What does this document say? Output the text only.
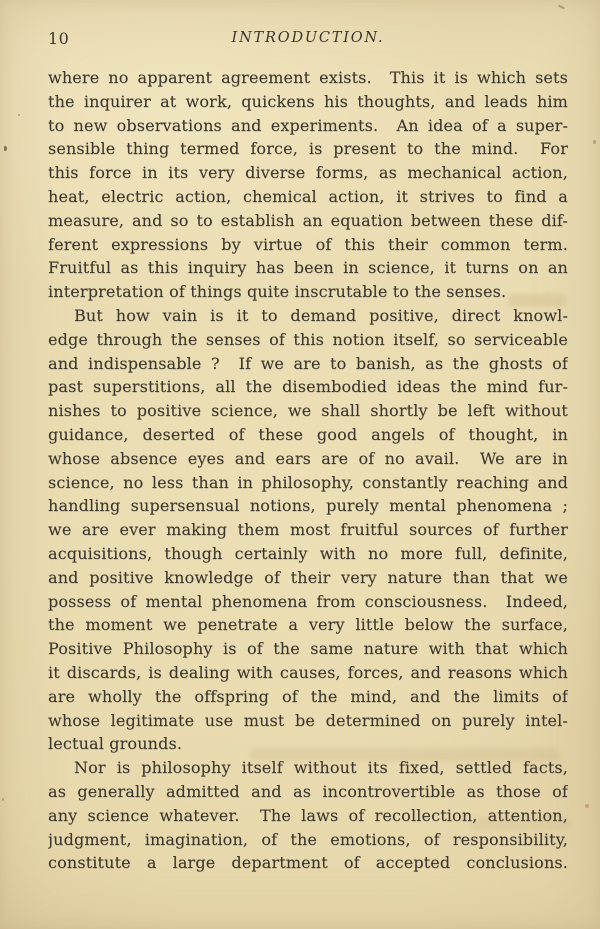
10	INTRODUCTION.
where no apparent agreement exists.  This it is which sets
the inquirer at work, quickens his thoughts, and leads him
to new observations and experiments.  An idea of a super-
sensible thing termed force, is present to the mind.  For
this force in its very diverse forms, as mechanical action,
heat, electric action, chemical action, it strives to find a
measure, and so to establish an equation between these dif-
ferent expressions by virtue of this their common term.
Fruitful as this inquiry has been in science, it turns on an
interpretation of things quite inscrutable to the senses.
But how vain is it to demand positive, direct knowl-
edge through the senses of this notion itself, so serviceable
and indispensable ?  If we are to banish, as the ghosts of
past superstitions, all the disembodied ideas the mind fur-
nishes to positive science, we shall shortly be left without
guidance, deserted of these good angels of thought, in
whose absence eyes and ears are of no avail.  We are in
science, no less than in philosophy, constantly reaching and
handling supersensual notions, purely mental phenomena ;
we are ever making them most fruitful sources of further
acquisitions, though certainly with no more full, definite,
and positive knowledge of their very nature than that we
possess of mental phenomena from consciousness.  Indeed,
the moment we penetrate a very little below the surface,
Positive Philosophy is of the same nature with that which
it discards, is dealing with causes, forces, and reasons which
are wholly the offspring of the mind, and the limits of
whose legitimate use must be determined on purely intel-
lectual grounds.
Nor is philosophy itself without its fixed, settled facts,
as generally admitted and as incontrovertible as those of
any science whatever.  The laws of recollection, attention,
judgment, imagination, of the emotions, of responsibility,
constitute a large department of accepted conclusions.
